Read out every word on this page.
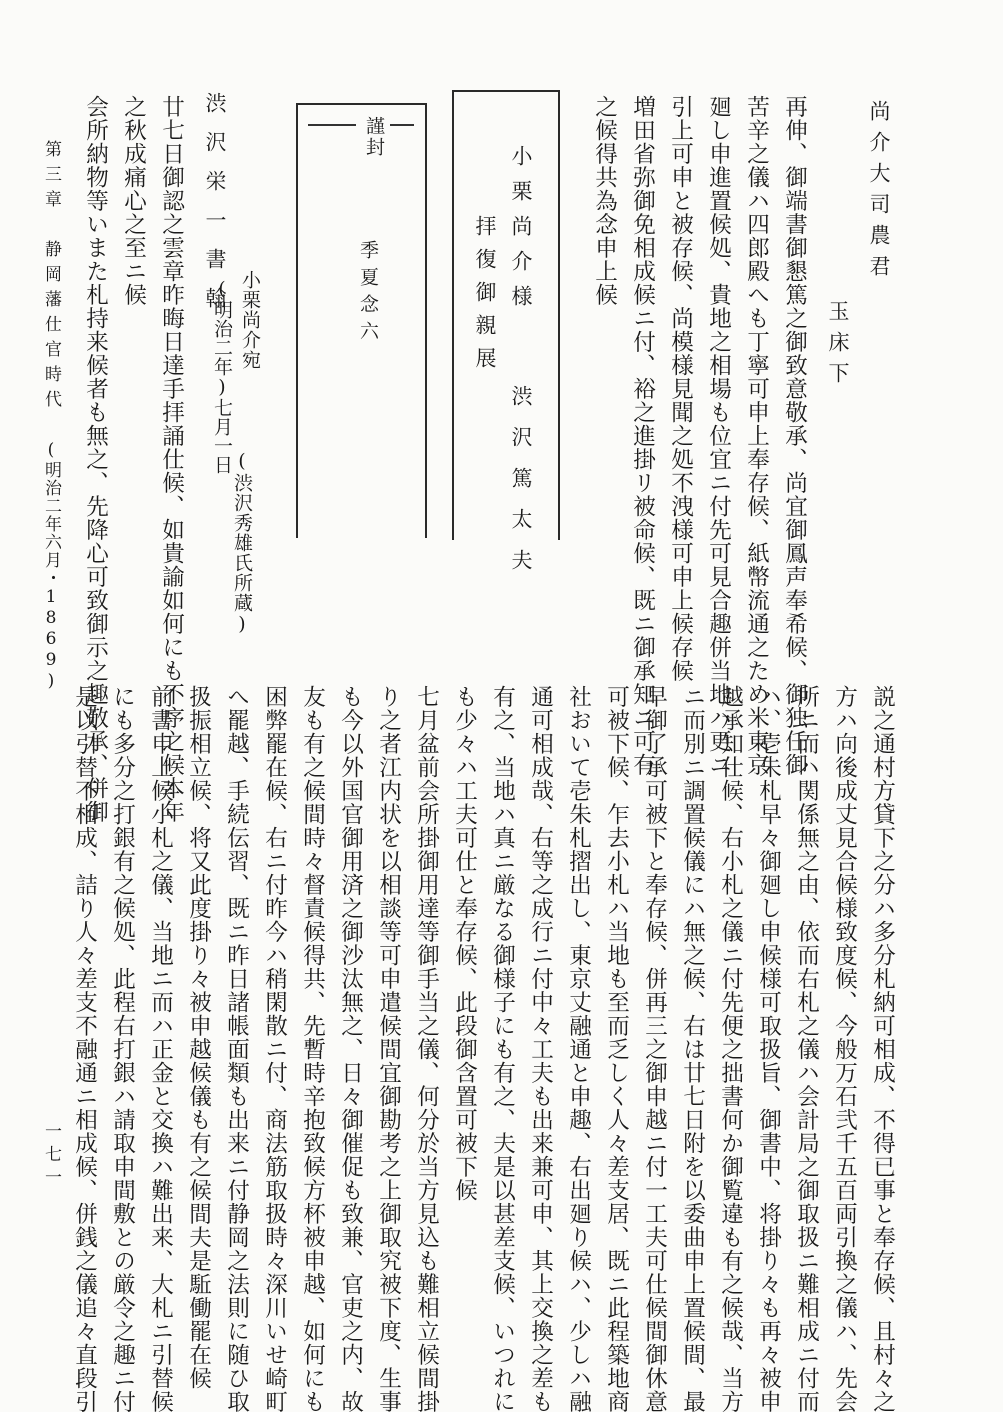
尚介大司農君
玉床下
再伸、御端書御懇篤之御致意敬承、尚宜御鳳声奉希候、御独任御
苦辛之儀ハ四郎殿へも丁寧可申上奉存候、紙幣流通之ため米東京
廻し申進置候処、貴地之相場も位宜ニ付先可見合趣併当地ハ更ニ
引上可申と被存候、尚模様見聞之処不洩様可申上候存候
増田省弥御免相成候ニ付、裕之進掛リ被命候、既ニ御承知ニ可有
之候得共為念申上候
小栗尚介様
拝復御親展
渋沢篤太夫
謹封
季夏念六
渋沢栄一書翰 小栗尚介宛
(明治二年)七月一日
(渋沢秀雄氏所蔵)
廿七日御認之雲章昨晦日達手拝誦仕候、如貴諭如何にも不序之候本年
之秋成痛心之至ニ候
会所納物等いまた札持来候者も無之、先降心可致御示之趣敬承、併御
第三章　静岡藩仕官時代
(明治二年六月・1869)
説之通村方貸下之分ハ多分札納可相成、不得已事と奉存候、且村々之
方ハ向後成丈見合候様致度候、今般万石弐千五百両引換之儀ハ、先会
所ニ而ハ関係無之由、依而右札之儀ハ会計局之御取扱ニ難相成ニ付而
ハ、壱朱札早々御廻し申候様可取扱旨、御書中、将掛り々も再々被申
越承知仕候、右小札之儀ニ付先便之拙書何か御覧違も有之候哉、当方
ニ而別ニ調置候儀にハ無之候、右は廿七日附を以委曲申上置候間、最
早御了承可被下と奉存候、併再三之御申越ニ付一工夫可仕候間御休意
可被下候、乍去小札ハ当地も至而乏しく人々差支居、既ニ此程築地商
社おいて壱朱札摺出し、東京丈融通と申趣、右出廻り候ハ、少しハ融
通可相成哉、右等之成行ニ付中々工夫も出来兼可申、其上交換之差も
有之、当地ハ真ニ厳なる御様子にも有之、夫是以甚差支候、いつれに
も少々ハ工夫可仕と奉存候、此段御含置可被下候
七月盆前会所掛御用達等御手当之儀、何分於当方見込も難相立候間掛
り之者江内状を以相談等可申遣候間宜御勘考之上御取究被下度、生事
も今以外国官御用済之御沙汰無之、日々御催促も致兼、官吏之内、故
友も有之候間時々督責候得共、先暫時辛抱致候方杯被申越、如何にも
困弊罷在候、右ニ付昨今ハ稍閑散ニ付、商法筋取扱時々深川いせ崎町
へ罷越、手続伝習、既ニ昨日諸帳面類も出来ニ付静岡之法則に随ひ取
扱振相立候、将又此度掛り々被申越候儀も有之候間夫是駈働罷在候
前書申上候小札之儀、当地ニ而ハ正金と交換ハ難出来、大札ニ引替候
にも多分之打銀有之候処、此程右打銀ハ請取申間敷との厳令之趣ニ付
是以引替不相成、詰り人々差支不融通ニ相成候、併銭之儀追々直段引
一七一
